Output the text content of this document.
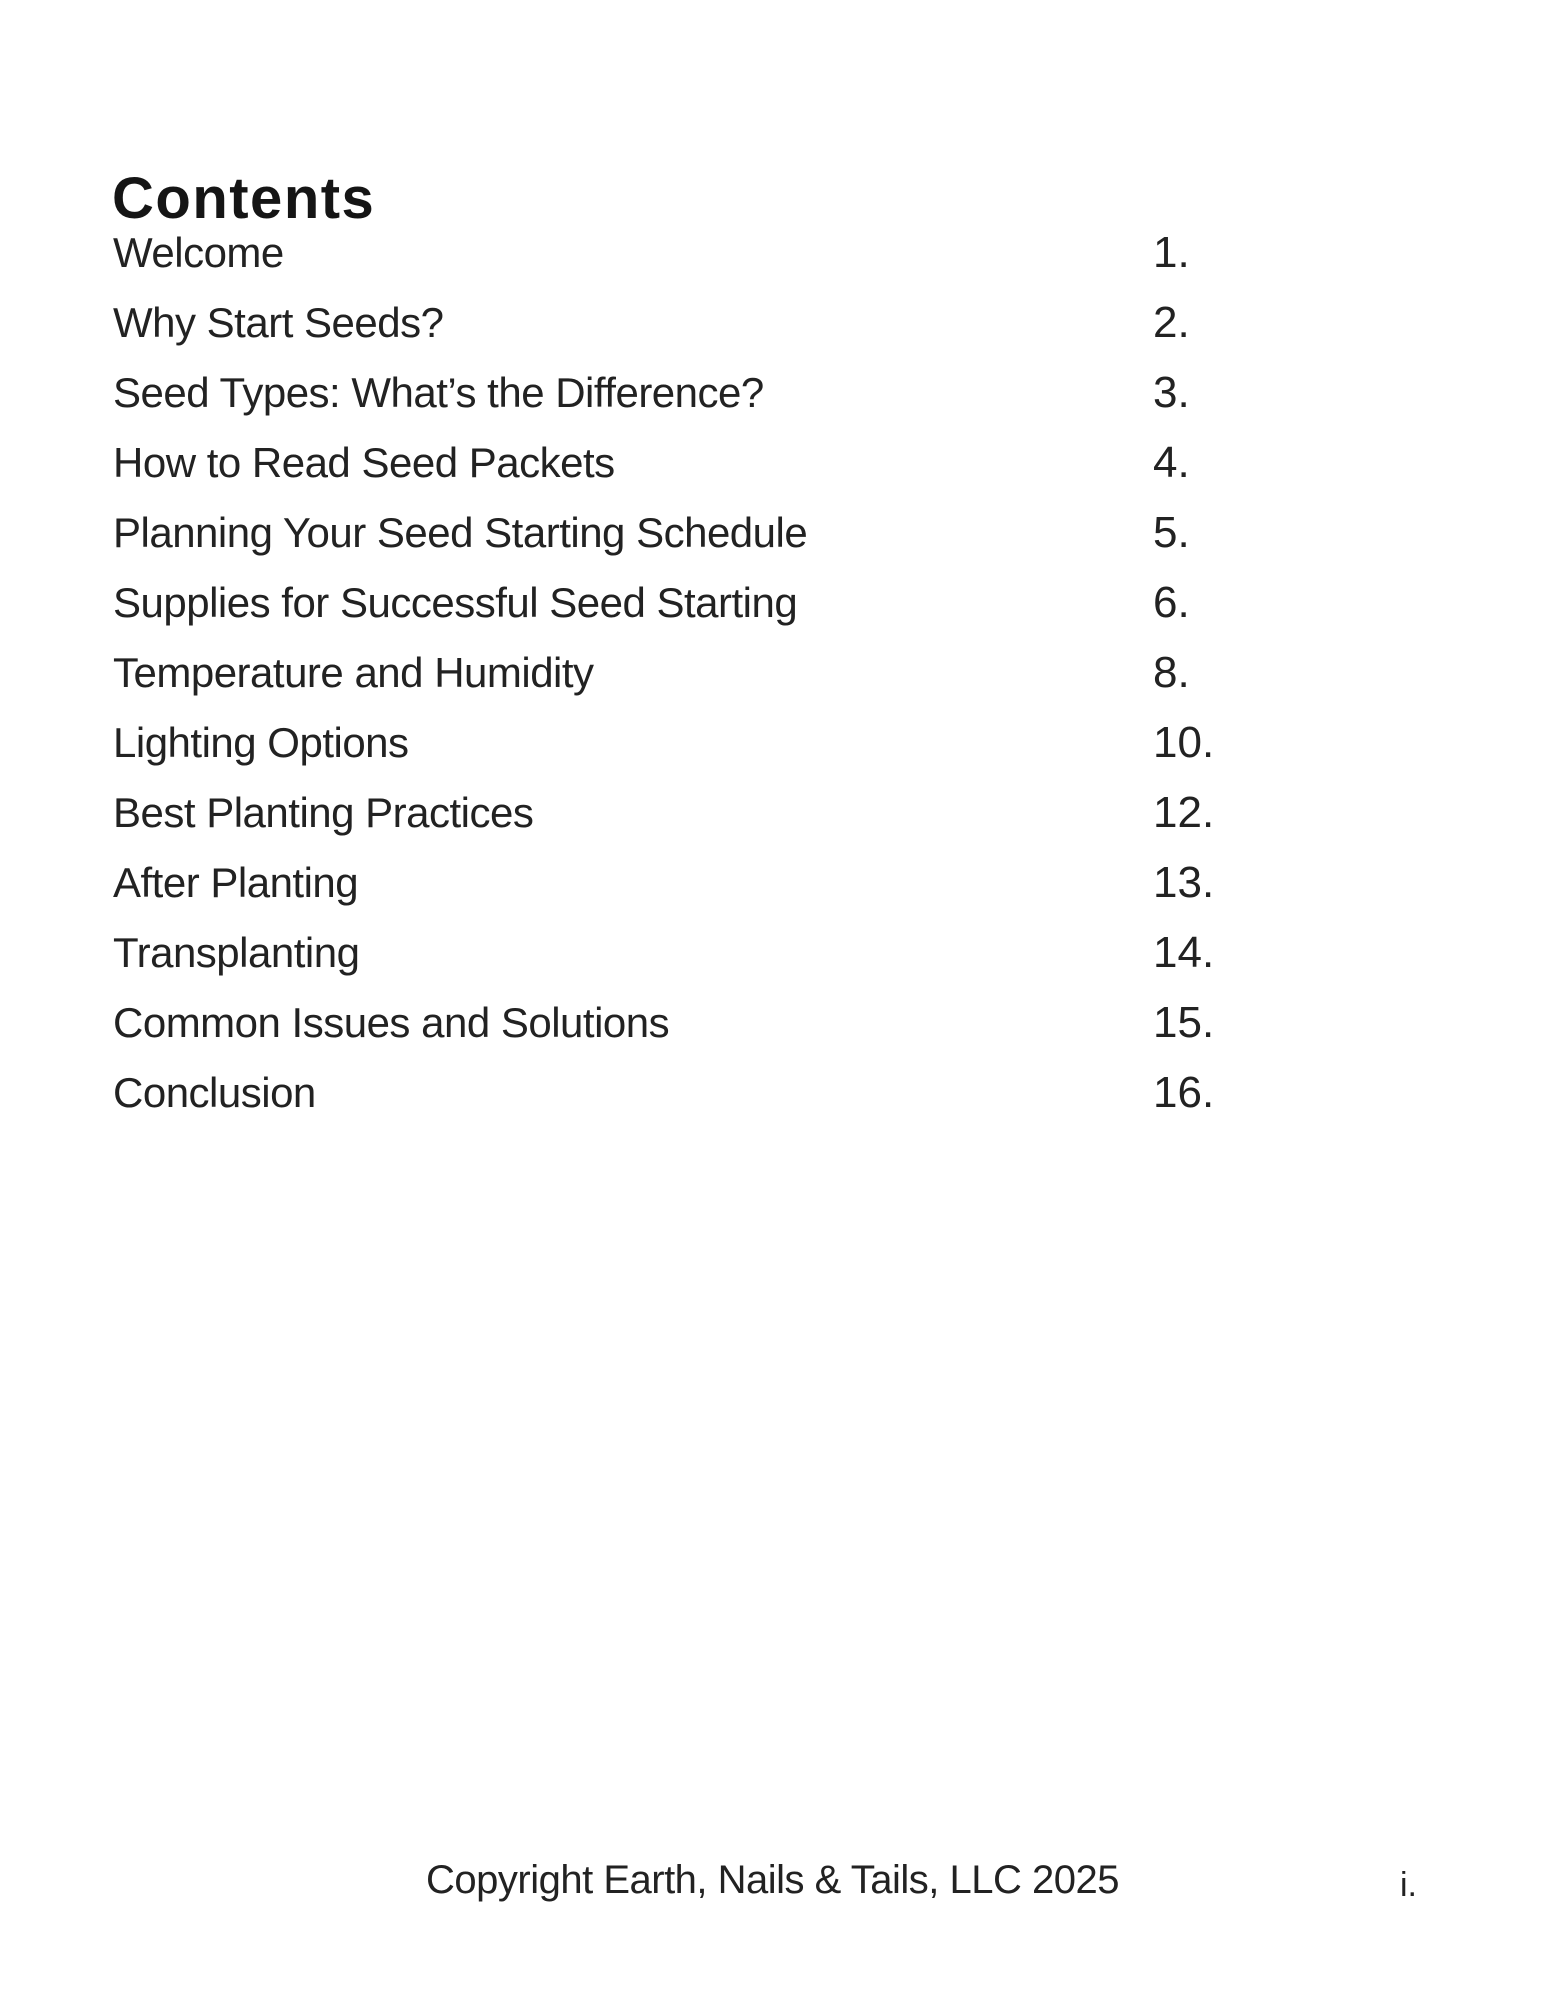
Contents
Welcome	1.
Why Start Seeds?	2.
Seed Types: What’s the Difference?	3.
How to Read Seed Packets	4.
Planning Your Seed Starting Schedule	5.
Supplies for Successful Seed Starting	6.
Temperature and Humidity	8.
Lighting Options	10.
Best Planting Practices	12.
After Planting	13.
Transplanting	14.
Common Issues and Solutions	15.
Conclusion	16.
Copyright Earth, Nails & Tails, LLC 2025	i.
